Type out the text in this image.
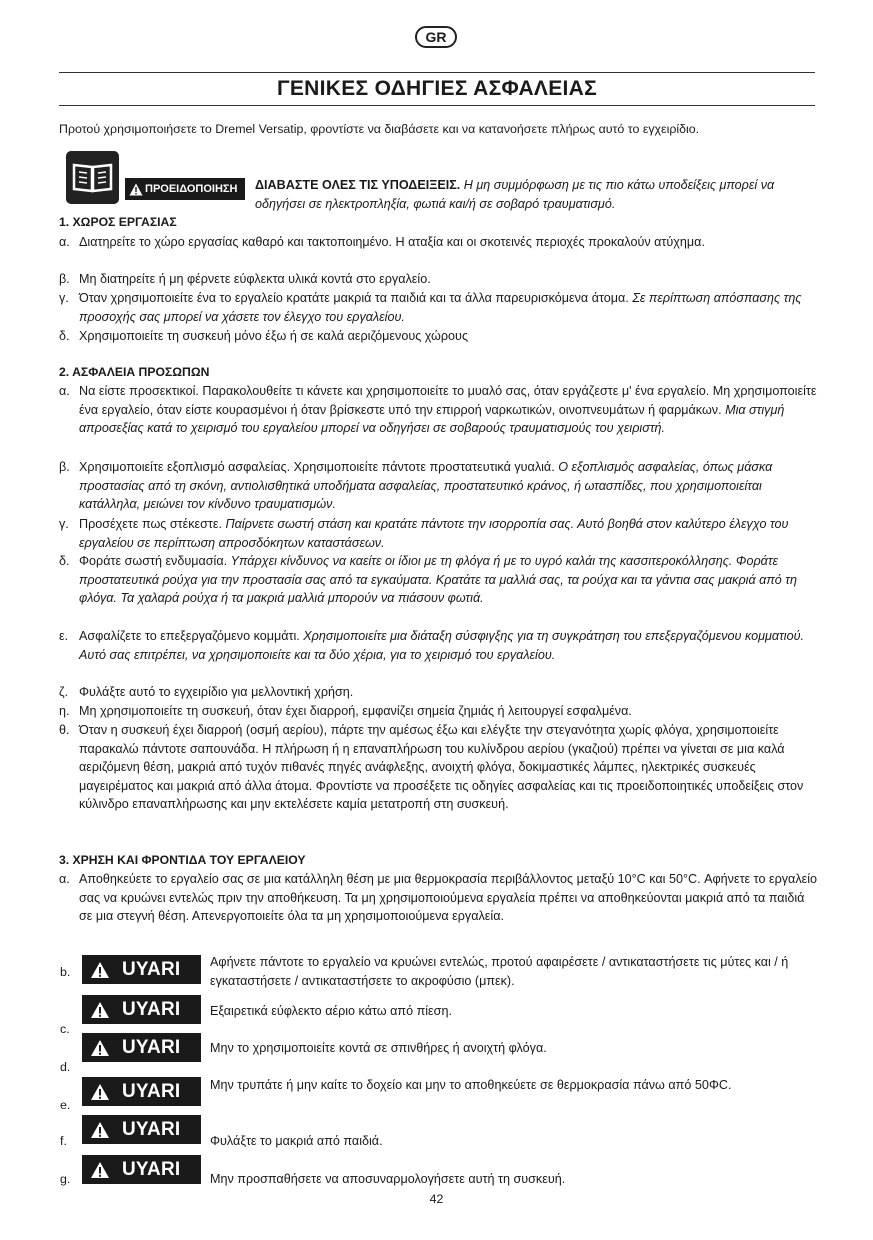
GR
ΓΕΝΙΚΕΣ ΟΔΗΓΙΕΣ ΑΣΦΑΛΕΙΑΣ
Προτού χρησιμοποιήσετε το Dremel Versatip, φροντίστε να διαβάσετε και να κατανοήσετε πλήρως αυτό το εγχειρίδιο.
ΠΡΟΕΙΔΟΠΟΙΗΣΗ ΔΙΑΒΑΣΤΕ ΟΛΕΣ ΤΙΣ ΥΠΟΔΕΙΞΕΙΣ. Η μη συμμόρφωση με τις πιο κάτω υποδείξεις μπορεί να οδηγήσει σε ηλεκτροπληξία, φωτιά και/ή σε σοβαρό τραυματισμό.
1. ΧΩΡΟΣ ΕΡΓΑΣΙΑΣ
α. Διατηρείτε το χώρο εργασίας καθαρό και τακτοποιημένο. Η αταξία και οι σκοτεινές περιοχές προκαλούν ατύχημα.
β. Μη διατηρείτε ή μη φέρνετε εύφλεκτα υλικά κοντά στο εργαλείο.
γ. Όταν χρησιμοποιείτε ένα το εργαλείο κρατάτε μακριά τα παιδιά και τα άλλα παρευρισκόμενα άτομα. Σε περίπτωση απόσπασης της προσοχής σας μπορεί να χάσετε τον έλεγχο του εργαλείου.
δ. Χρησιμοποιείτε τη συσκευή μόνο έξω ή σε καλά αεριζόμενους χώρους
2. ΑΣΦΑΛΕΙΑ ΠΡΟΣΩΠΩΝ
α. Να είστε προσεκτικοί. Παρακολουθείτε τι κάνετε και χρησιμοποιείτε το μυαλό σας, όταν εργάζεστε μ' ένα εργαλείο. Μη χρησιμοποιείτε ένα εργαλείο, όταν είστε κουρασμένοι ή όταν βρίσκεστε υπό την επιρροή ναρκωτικών, οινοπνευμάτων ή φαρμάκων. Μια στιγμή απροσεξίας κατά το χειρισμό του εργαλείου μπορεί να οδηγήσει σε σοβαρούς τραυματισμούς του χειριστή.
β. Χρησιμοποιείτε εξοπλισμό ασφαλείας. Χρησιμοποιείτε πάντοτε προστατευτικά γυαλιά. Ο εξοπλισμός ασφαλείας, όπως μάσκα προστασίας από τη σκόνη, αντιολισθητικά υποδήματα ασφαλείας, προστατευτικό κράνος, ή ωτασπίδες, που χρησιμοποιείται κατάλληλα, μειώνει τον κίνδυνο τραυματισμών.
γ. Προσέχετε πως στέκεστε. Παίρνετε σωστή στάση και κρατάτε πάντοτε την ισορροπία σας. Αυτό βοηθά στον καλύτερο έλεγχο του εργαλείου σε περίπτωση απροσδόκητων καταστάσεων.
δ. Φοράτε σωστή ενδυμασία. Υπάρχει κίνδυνος να καείτε οι ίδιοι με τη φλόγα ή με το υγρό καλάι της κασσιτεροκόλλησης. Φοράτε προστατευτικά ρούχα για την προστασία σας από τα εγκαύματα. Κρατάτε τα μαλλιά σας, τα ρούχα και τα γάντια σας μακριά από τη φλόγα. Τα χαλαρά ρούχα ή τα μακριά μαλλιά μπορούν να πιάσουν φωτιά.
ε. Ασφαλίζετε το επεξεργαζόμενο κομμάτι. Χρησιμοποιείτε μια διάταξη σύσφιγξης για τη συγκράτηση του επεξεργαζόμενου κομματιού. Αυτό σας επιτρέπει, να χρησιμοποιείτε και τα δύο χέρια, για το χειρισμό του εργαλείου.
ζ. Φυλάξτε αυτό το εγχειρίδιο για μελλοντική χρήση.
η. Μη χρησιμοποιείτε τη συσκευή, όταν έχει διαρροή, εμφανίζει σημεία ζημιάς ή λειτουργεί εσφαλμένα.
θ. Όταν η συσκευή έχει διαρροή (οσμή αερίου), πάρτε την αμέσως έξω και ελέγξτε την στεγανότητα χωρίς φλόγα, χρησιμοποιείτε παρακαλώ πάντοτε σαπουνάδα. Η πλήρωση ή η επαναπλήρωση του κυλίνδρου αερίου (γκαζιού) πρέπει να γίνεται σε μια καλά αεριζόμενη θέση, μακριά από τυχόν πιθανές πηγές ανάφλεξης, ανοιχτή φλόγα, δοκιμαστικές λάμπες, ηλεκτρικές συσκευές μαγειρέματος και μακριά από άλλα άτομα. Φροντίστε να προσέξετε τις οδηγίες ασφαλείας και τις προειδοποιητικές υποδείξεις στον κύλινδρο επαναπλήρωσης και μην εκτελέσετε καμία μετατροπή στη συσκευή.
3. ΧΡΗΣΗ ΚΑΙ ΦΡΟΝΤΙΔΑ ΤΟΥ ΕΡΓΑΛΕΙΟΥ
α. Αποθηκεύετε το εργαλείο σας σε μια κατάλληλη θέση με μια θερμοκρασία περιβάλλοντος μεταξύ 10°C και 50°C. Αφήνετε το εργαλείο σας να κρυώνει εντελώς πριν την αποθήκευση. Τα μη χρησιμοποιούμενα εργαλεία πρέπει να αποθηκεύονται μακριά από τα παιδιά σε μια στεγνή θέση. Απενεργοποιείτε όλα τα μη χρησιμοποιούμενα εργαλεία.
b.	UYARI Αφήνετε πάντοτε το εργαλείο να κρυώνει εντελώς, προτού αφαιρέσετε / αντικαταστήσετε τις μύτες και / ή εγκαταστήσετε / αντικαταστήσετε το ακροφύσιο (μπεκ).
c.
UYARI Εξαιρετικά εύφλεκτο αέριο κάτω από πίεση.
d.
UYARI Μην το χρησιμοποιείτε κοντά σε σπινθήρες ή ανοιχτή φλόγα.
e.
UYARI Μην τρυπάτε ή μην καίτε το δοχείο και μην το αποθηκεύετε σε θερμοκρασία πάνω από 50ΦC.
f.
UYARI
Φυλάξτε το μακριά από παιδιά.
g.	UYARI Μην προσπαθήσετε να αποσυναρμολογήσετε αυτή τη συσκευή.
42
